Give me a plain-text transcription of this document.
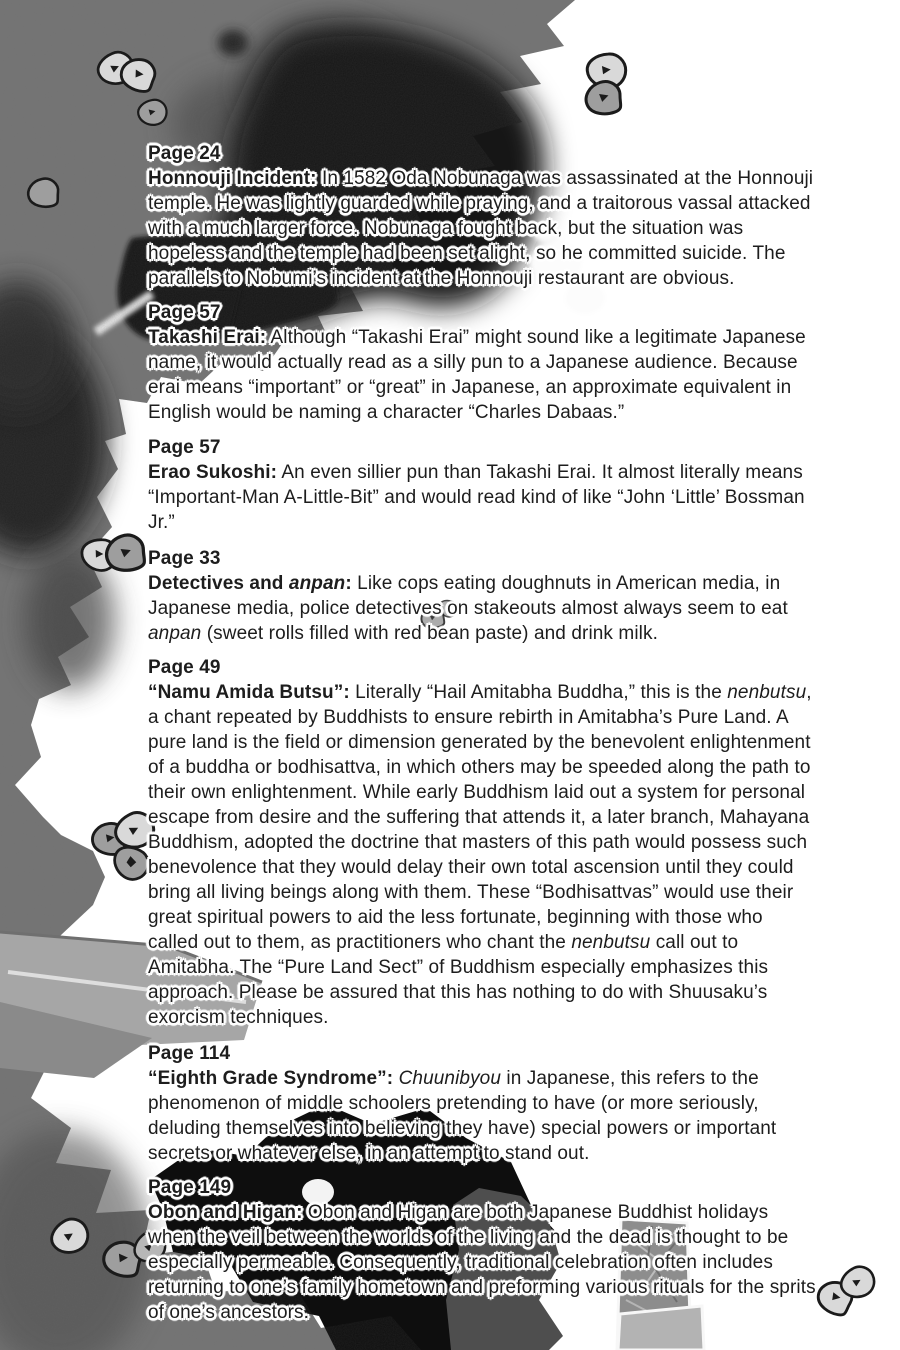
Page 24

Honnouji Incident: In 1582 Oda Nobunaga was assassinated at the Honnouji temple. He was lightly guarded while praying, and a traitorous vassal attacked with a much larger force. Nobunaga fought back, but the situation was hopeless and the temple had been set alight, so he committed suicide. The parallels to Nobumi’s incident at the Honnouji restaurant are obvious.

Page 57

Takashi Erai: Although “Takashi Erai” might sound like a legitimate Japanese name, it would actually read as a silly pun to a Japanese audience. Because erai means “important” or “great” in Japanese, an approximate equivalent in English would be naming a character “Charles Dabaas.”

Page 57

Erao Sukoshi: An even sillier pun than Takashi Erai. It almost literally means “Important-Man A-Little-Bit” and would read kind of like “John ‘Little’ Bossman Jr.”

Page 33

Detectives and anpan: Like cops eating doughnuts in American media, in Japanese media, police detectives on stakeouts almost always seem to eat anpan (sweet rolls filled with red bean paste) and drink milk.

Page 49

“Namu Amida Butsu”: Literally “Hail Amitabha Buddha,” this is the nenbutsu, a chant repeated by Buddhists to ensure rebirth in Amitabha’s Pure Land. A pure land is the field or dimension generated by the benevolent enlightenment of a buddha or bodhisattva, in which others may be speeded along the path to their own enlightenment. While early Buddhism laid out a system for personal escape from desire and the suffering that attends it, a later branch, Mahayana Buddhism, adopted the doctrine that masters of this path would possess such benevolence that they would delay their own total ascension until they could bring all living beings along with them. These “Bodhisattvas” would use their great spiritual powers to aid the less fortunate, beginning with those who called out to them, as practitioners who chant the nenbutsu call out to Amitabha. The “Pure Land Sect” of Buddhism especially emphasizes this approach. Please be assured that this has nothing to do with Shuusaku’s exorcism techniques.

Page 114

“Eighth Grade Syndrome”: Chuunibyou in Japanese, this refers to the phenomenon of middle schoolers pretending to have (or more seriously, deluding themselves into believing they have) special powers or important secrets or whatever else, in an attempt to stand out.

Page 149

Obon and Higan: Obon and Higan are both Japanese Buddhist holidays when the veil between the worlds of the living and the dead is thought to be especially permeable. Consequently, traditional celebration often includes returning to one’s family hometown and preforming various rituals for the sprits of one’s ancestors.
